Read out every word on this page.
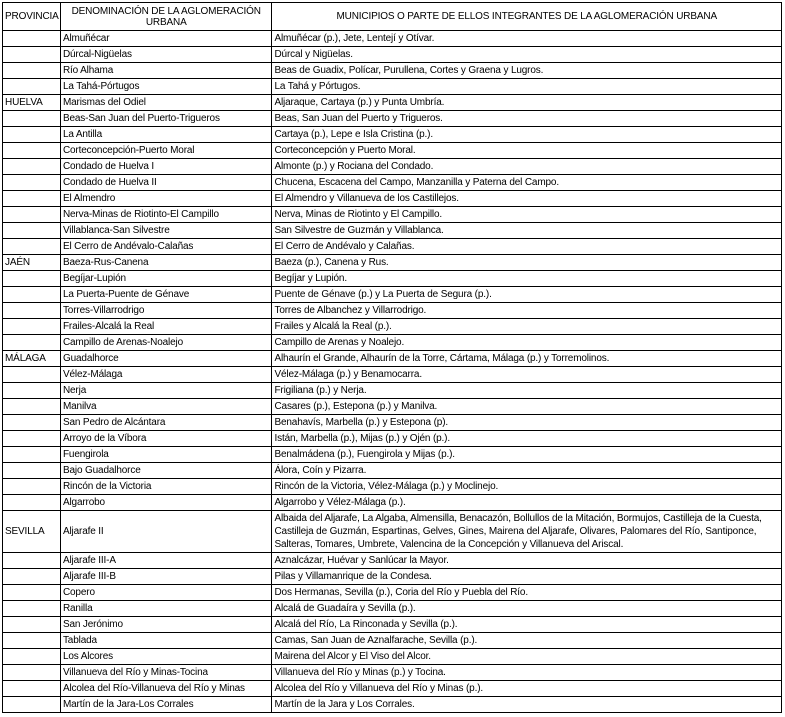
PROVINCIA	DENOMINACIÓN DE LA AGLOMERACIÓN URBANA	MUNICIPIOS O PARTE DE ELLOS INTEGRANTES DE LA AGLOMERACIÓN URBANA
	Almuñécar	Almuñécar (p.), Jete, Lentejí y Otívar.
	Dúrcal-Nigüelas	Dúrcal y Nigüelas.
	Río Alhama	Beas de Guadix, Polícar, Purullena, Cortes y Graena y Lugros.
	La Tahá-Pórtugos	La Tahá y Pórtugos.
HUELVA	Marismas del Odiel	Aljaraque, Cartaya (p.) y Punta Umbría.
	Beas-San Juan del Puerto-Trigueros	Beas, San Juan del Puerto y Trigueros.
	La Antilla	Cartaya (p.), Lepe e Isla Cristina (p.).
	Corteconcepción-Puerto Moral	Corteconcepción y Puerto Moral.
	Condado de Huelva I	Almonte (p.) y Rociana del Condado.
	Condado de Huelva II	Chucena, Escacena del Campo, Manzanilla y Paterna del Campo.
	El Almendro	El Almendro y Villanueva de los Castillejos.
	Nerva-Minas de Riotinto-El Campillo	Nerva, Minas de Riotinto y El Campillo.
	Villablanca-San Silvestre	San Silvestre de Guzmán y Villablanca.
	El Cerro de Andévalo-Calañas	El Cerro de Andévalo y Calañas.
JAÉN	Baeza-Rus-Canena	Baeza (p.), Canena y Rus.
	Begíjar-Lupión	Begíjar y Lupión.
	La Puerta-Puente de Génave	Puente de Génave (p.) y La Puerta de Segura (p.).
	Torres-Villarrodrigo	Torres de Albanchez y Villarrodrigo.
	Frailes-Alcalá la Real	Frailes y Alcalá la Real (p.).
	Campillo de Arenas-Noalejo	Campillo de Arenas y Noalejo.
MÁLAGA	Guadalhorce	Alhaurín el Grande, Alhaurín de la Torre, Cártama, Málaga (p.) y Torremolinos.
	Vélez-Málaga	Vélez-Málaga (p.) y Benamocarra.
	Nerja	Frigiliana (p.) y Nerja.
	Manilva	Casares (p.), Estepona (p.) y Manilva.
	San Pedro de Alcántara	Benahavís, Marbella (p.) y Estepona (p).
	Arroyo de la Víbora	Istán, Marbella (p.), Mijas (p.) y Ojén (p.).
	Fuengirola	Benalmádena (p.), Fuengirola y Mijas (p.).
	Bajo Guadalhorce	Álora, Coín y Pizarra.
	Rincón de la Victoria	Rincón de la Victoria, Vélez-Málaga (p.) y Moclinejo.
	Algarrobo	Algarrobo y Vélez-Málaga (p.).
SEVILLA	Aljarafe II	Albaida del Aljarafe, La Algaba, Almensilla, Benacazón, Bollullos de la Mitación, Bormujos, Castilleja de la Cuesta, Castilleja de Guzmán, Espartinas, Gelves, Gines, Mairena del Aljarafe, Olivares, Palomares del Río, Santiponce, Salteras, Tomares, Umbrete, Valencina de la Concepción y Villanueva del Ariscal.
	Aljarafe III-A	Aznalcázar, Huévar y Sanlúcar la Mayor.
	Aljarafe III-B	Pilas y Villamanrique de la Condesa.
	Copero	Dos Hermanas, Sevilla (p.), Coria del Río y Puebla del Río.
	Ranilla	Alcalá de Guadaíra y Sevilla (p.).
	San Jerónimo	Alcalá del Río, La Rinconada y Sevilla (p.).
	Tablada	Camas, San Juan de Aznalfarache, Sevilla (p.).
	Los Alcores	Mairena del Alcor y El Viso del Alcor.
	Villanueva del Río y Minas-Tocina	Villanueva del Río y Minas (p.) y Tocina.
	Alcolea del Río-Villanueva del Río y Minas	Alcolea del Río y Villanueva del Río y Minas (p.).
	Martín de la Jara-Los Corrales	Martín de la Jara y Los Corrales.
